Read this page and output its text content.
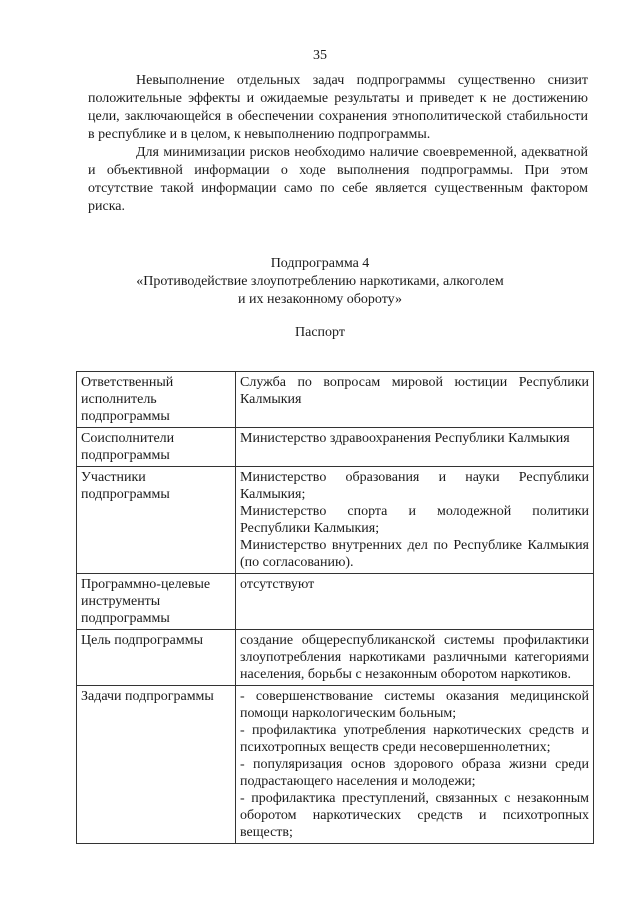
35

Невыполнение отдельных задач подпрограммы существенно снизит положительные эффекты и ожидаемые результаты и приведет к не достижению цели, заключающейся в обеспечении сохранения этнополитической стабильности в республике и в целом, к невыполнению подпрограммы.

Для минимизации рисков необходимо наличие своевременной, адекватной и объективной информации о ходе выполнения подпрограммы. При этом отсутствие такой информации само по себе является существенным фактором риска.

Подпрограмма 4
«Противодействие злоупотреблению наркотиками, алкоголем
и их незаконному обороту»
Паспорт
Ответственный исполнитель подпрограммы	Служба по вопросам мировой юстиции Республики Калмыкия

Соисполнители подпрограммы	Министерство здравоохранения Республики Калмыкия

Участники подпрограммы	Министерство образования и науки Республики Калмыкия;
Министерство спорта и молодежной политики Республики Калмыкия;
Министерство внутренних дел по Республике Калмыкия (по согласованию).

Программно-целевые инструменты подпрограммы	отсутствуют

Цель подпрограммы	создание общереспубликанской системы профилактики злоупотребления наркотиками различными категориями населения, борьбы с незаконным оборотом наркотиков.

Задачи подпрограммы	- совершенствование системы оказания медицинской помощи наркологическим больным;
- профилактика употребления наркотических средств и психотропных веществ среди несовершеннолетних;
- популяризация основ здорового образа жизни среди подрастающего населения и молодежи;
- профилактика преступлений, связанных с незаконным оборотом наркотических средств и психотропных веществ;
